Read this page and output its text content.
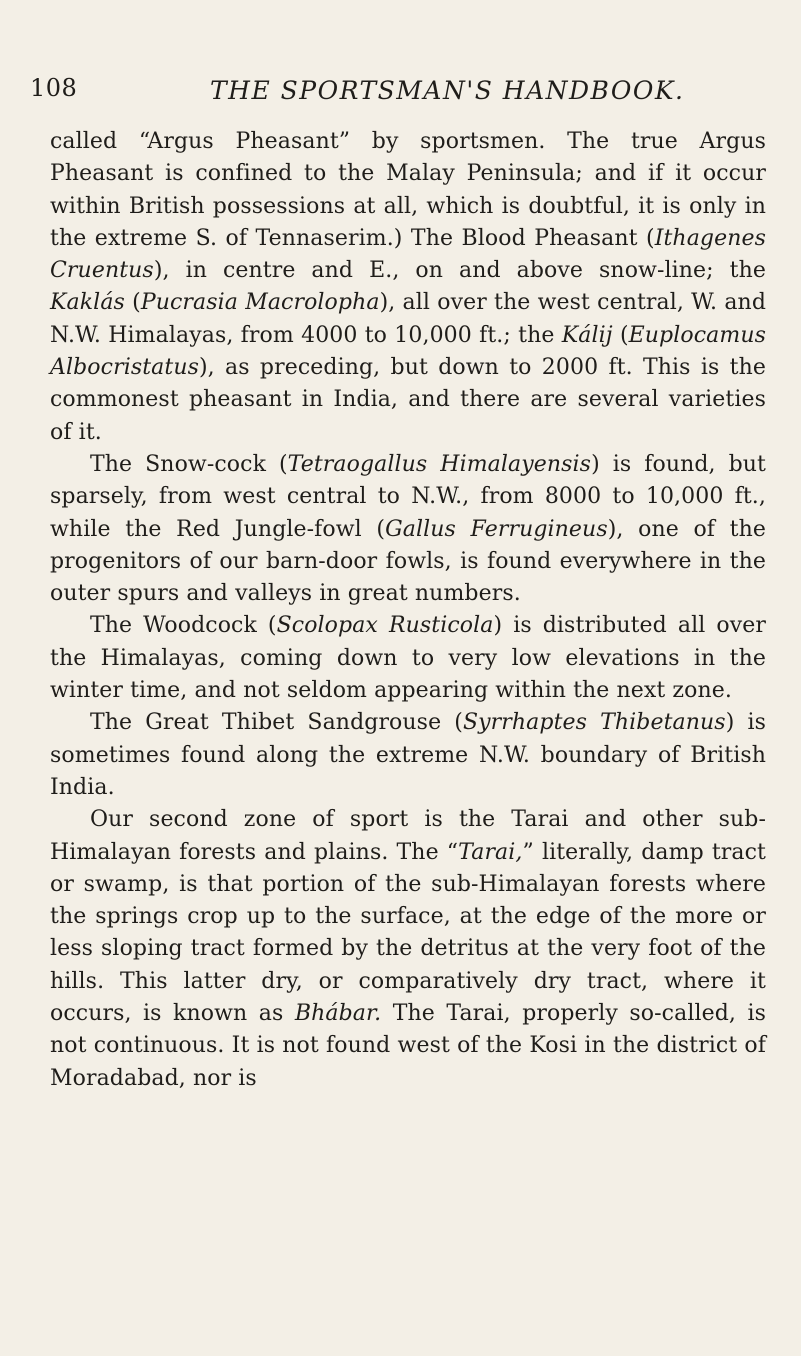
108	THE SPORTSMAN'S HANDBOOK.

called “Argus Pheasant” by sportsmen. The true Argus Pheasant is confined to the Malay Peninsula; and if it occur within British possessions at all, which is doubtful, it is only in the extreme S. of Tennaserim.) The Blood Pheasant (Ithagenes Cruentus), in centre and E., on and above snow-line; the Kaklás (Pucrasia Macrolopha), all over the west central, W. and N.W. Himalayas, from 4000 to 10,000 ft.; the Kálij (Euplocamus Albocristatus), as preceding, but down to 2000 ft. This is the commonest pheasant in India, and there are several varieties of it.

The Snow-cock (Tetraogallus Himalayensis) is found, but sparsely, from west central to N.W., from 8000 to 10,000 ft., while the Red Jungle-fowl (Gallus Ferrugineus), one of the progenitors of our barn-door fowls, is found everywhere in the outer spurs and valleys in great numbers.

The Woodcock (Scolopax Rusticola) is distributed all over the Himalayas, coming down to very low elevations in the winter time, and not seldom appearing within the next zone.

The Great Thibet Sandgrouse (Syrrhaptes Thibetanus) is sometimes found along the extreme N.W. boundary of British India.

Our second zone of sport is the Tarai and other sub-Himalayan forests and plains. The “Tarai,” literally, damp tract or swamp, is that portion of the sub-Himalayan forests where the springs crop up to the surface, at the edge of the more or less sloping tract formed by the detritus at the very foot of the hills. This latter dry, or comparatively dry tract, where it occurs, is known as Bhábar. The Tarai, properly so-called, is not continuous. It is not found west of the Kosi in the district of Moradabad, nor is
